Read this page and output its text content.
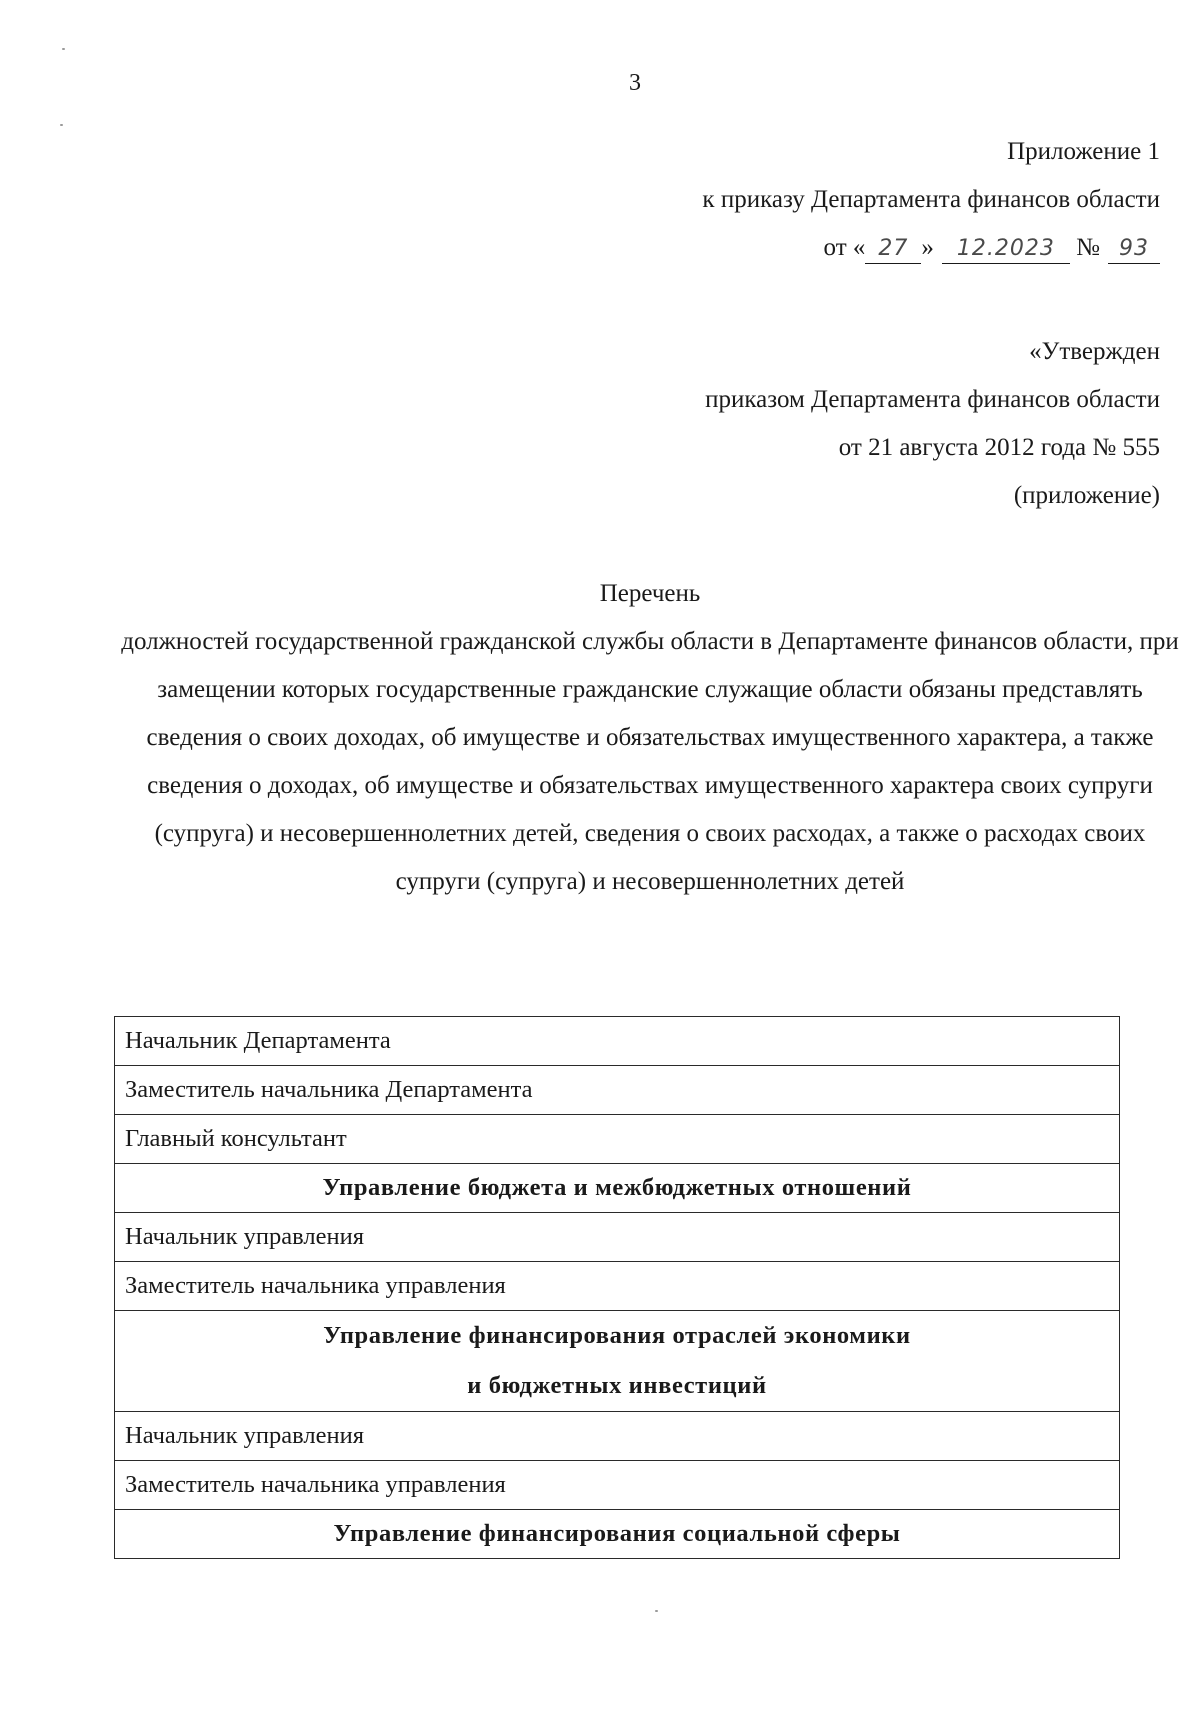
3
Приложение 1
к приказу Департамента финансов области
от « 27 » 12.2023 № 93
«Утвержден
приказом Департамента финансов области
от 21 августа 2012 года № 555
(приложение)
Перечень
должностей государственной гражданской службы области в Департаменте финансов области, при замещении которых государственные гражданские служащие области обязаны представлять сведения о своих доходах, об имуществе и обязательствах имущественного характера, а также сведения о доходах, об имуществе и обязательствах имущественного характера своих супруги (супруга) и несовершеннолетних детей, сведения о своих расходах, а также о расходах своих супруги (супруга) и несовершеннолетних детей
Начальник Департамента
Заместитель начальника Департамента
Главный консультант
Управление бюджета и межбюджетных отношений
Начальник управления
Заместитель начальника управления

Управление финансирования отраслей экономики
и бюджетных инвестиций

Начальник управления
Заместитель начальника управления
Управление финансирования социальной сферы
